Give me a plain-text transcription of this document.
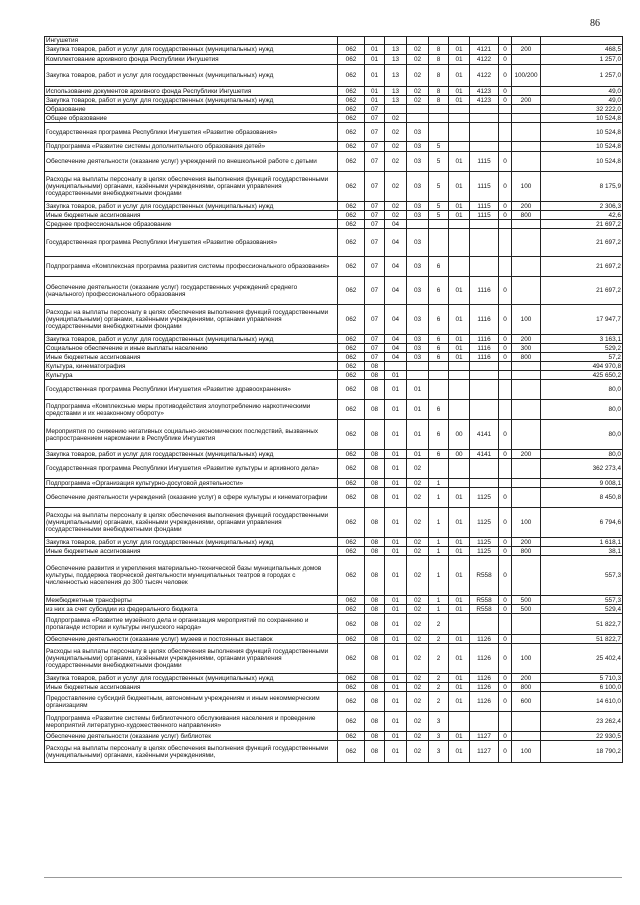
86
Ингушетия										
Закупка товаров, работ и услуг для государственных (муниципальных) нужд	062	01	13	02	8	01	4121	0	200	468,5
Комплектование архивного фонда Республики Ингушетия	062	01	13	02	8	01	4122	0		1 257,0
Закупка товаров, работ и услуг для государственных (муниципальных) нужд	062	01	13	02	8	01	4122	0	100/200	1 257,0
Использование документов архивного фонда Республики Ингушетия	062	01	13	02	8	01	4123	0		49,0
Закупка товаров, работ и услуг для государственных (муниципальных) нужд	062	01	13	02	8	01	4123	0	200	49,0
Образование	062	07								32 222,0
Общее образование	062	07	02							10 524,8
Государственная программа Республики Ингушетия «Развитие образования»	062	07	02	03						10 524,8
Подпрограмма «Развитие системы дополнительного образования детей»	062	07	02	03	5					10 524,8
Обеспечение деятельности (оказание услуг) учреждений по внешкольной работе с детьми	062	07	02	03	5	01	1115	0		10 524,8
Расходы на выплаты персоналу в целях обеспечения выполнения функций государственными (муниципальными) органами, казёнными учреждениями, органами управления государственными внебюджетными фондами	062	07	02	03	5	01	1115	0	100	8 175,9
Закупка товаров, работ и услуг для государственных (муниципальных) нужд	062	07	02	03	5	01	1115	0	200	2 306,3
Иные бюджетные ассигнования	062	07	02	03	5	01	1115	0	800	42,6
Среднее профессиональное образование	062	07	04							21 697,2
Государственная программа Республики Ингушетия «Развитие образования»	062	07	04	03						21 697,2
Подпрограмма «Комплексная программа развития системы профессионального образования»	062	07	04	03	6					21 697,2
Обеспечение деятельности (оказание услуг) государственных учреждений среднего (начального) профессионального образования	062	07	04	03	6	01	1116	0		21 697,2
Расходы на выплаты персоналу в целях обеспечения выполнения функций государственными (муниципальными) органами, казёнными учреждениями, органами управления государственными внебюджетными фондами	062	07	04	03	6	01	1116	0	100	17 947,7
Закупка товаров, работ и услуг для государственных (муниципальных) нужд	062	07	04	03	6	01	1116	0	200	3 163,1
Социальное обеспечение и иные выплаты населению	062	07	04	03	6	01	1116	0	300	529,2
Иные бюджетные ассигнования	062	07	04	03	6	01	1116	0	800	57,2
Культура, кинематография	062	08								494 970,8
Культура	062	08	01							425 650,2
Государственная программа Республики Ингушетия «Развитие здравоохранения»	062	08	01	01						80,0
Подпрограмма «Комплексные меры противодействия злоупотреблению наркотическими средствами и их незаконному обороту»	062	08	01	01	6					80,0
Мероприятия по снижению негативных социально-экономических последствий, вызванных распространением наркомании в Республике Ингушетия	062	08	01	01	6	00	4141	0		80,0
Закупка товаров, работ и услуг для государственных (муниципальных) нужд	062	08	01	01	6	00	4141	0	200	80,0
Государственная программа Республики Ингушетия «Развитие культуры и архивного дела»	062	08	01	02						362 273,4
Подпрограмма «Организация культурно-досуговой деятельности»	062	08	01	02	1					9 008,1
Обеспечение деятельности учреждений (оказание услуг) в сфере культуры и кинематографии	062	08	01	02	1	01	1125	0		8 450,8
Расходы на выплаты персоналу в целях обеспечения выполнения функций государственными (муниципальными) органами, казёнными учреждениями, органами управления государственными внебюджетными фондами	062	08	01	02	1	01	1125	0	100	6 794,6
Закупка товаров, работ и услуг для государственных (муниципальных) нужд	062	08	01	02	1	01	1125	0	200	1 618,1
Иные бюджетные ассигнования	062	08	01	02	1	01	1125	0	800	38,1
Обеспечение развития и укрепления материально-технической базы муниципальных домов культуры, поддержка творческой деятельности муниципальных театров в городах с численностью населения до 300 тысяч человек	062	08	01	02	1	01	R558	0		557,3
Межбюджетные трансферты	062	08	01	02	1	01	R558	0	500	557,3
из них за счет субсидии из федерального бюджета	062	08	01	02	1	01	R558	0	500	529,4
Подпрограмма «Развитие музейного дела и организация мероприятий по сохранению и пропаганде истории и культуры ингушского народа»	062	08	01	02	2					51 822,7
Обеспечение деятельности (оказание услуг) музеев и постоянных выставок	062	08	01	02	2	01	1126	0		51 822,7
Расходы на выплаты персоналу в целях обеспечения выполнения функций государственными (муниципальными) органами, казёнными учреждениями, органами управления государственными внебюджетными фондами	062	08	01	02	2	01	1126	0	100	25 402,4
Закупка товаров, работ и услуг для государственных (муниципальных) нужд	062	08	01	02	2	01	1126	0	200	5 710,3
Иные бюджетные ассигнования	062	08	01	02	2	01	1126	0	800	6 100,0
Предоставление субсидий бюджетным, автономным учреждениям и иным некоммерческим организациям	062	08	01	02	2	01	1126	0	600	14 610,0
Подпрограмма «Развитие системы библиотечного обслуживания населения и проведение мероприятий литературно-художественного направления»	062	08	01	02	3					23 262,4
Обеспечение деятельности (оказание услуг) библиотек	062	08	01	02	3	01	1127	0		22 930,5
Расходы на выплаты персоналу в целях обеспечения выполнения функций государственными (муниципальными) органами, казёнными учреждениями,	062	08	01	02	3	01	1127	0	100	18 790,2
